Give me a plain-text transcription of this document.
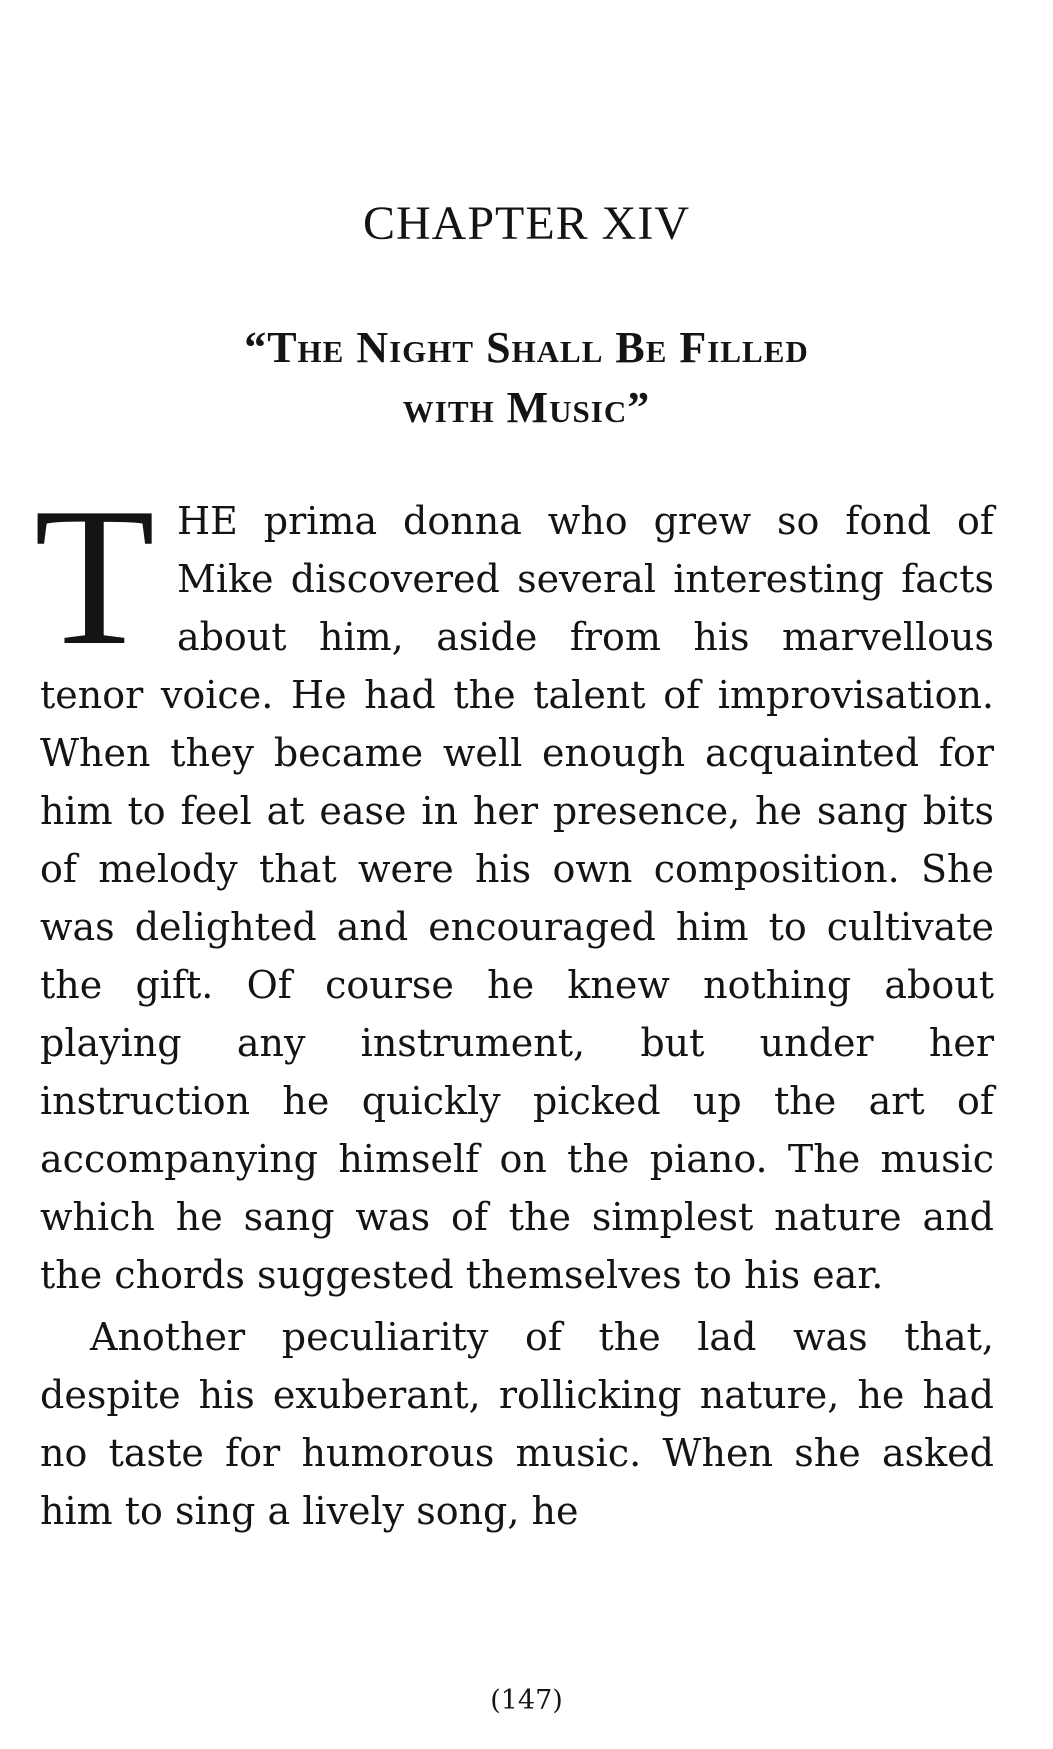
CHAPTER XIV
“The Night Shall Be Filled
with Music”

THE prima donna who grew so fond of Mike discovered several interesting facts about him, aside from his marvellous tenor voice. He had the talent of improvisation. When they became well enough acquainted for him to feel at ease in her presence, he sang bits of melody that were his own composition. She was delighted and encouraged him to cultivate the gift. Of course he knew nothing about playing any instrument, but under her instruction he quickly picked up the art of accompanying himself on the piano. The music which he sang was of the simplest nature and the chords suggested themselves to his ear.

Another peculiarity of the lad was that, despite his exuberant, rollicking nature, he had no taste for humorous music. When she asked him to sing a lively song, he

(147)
